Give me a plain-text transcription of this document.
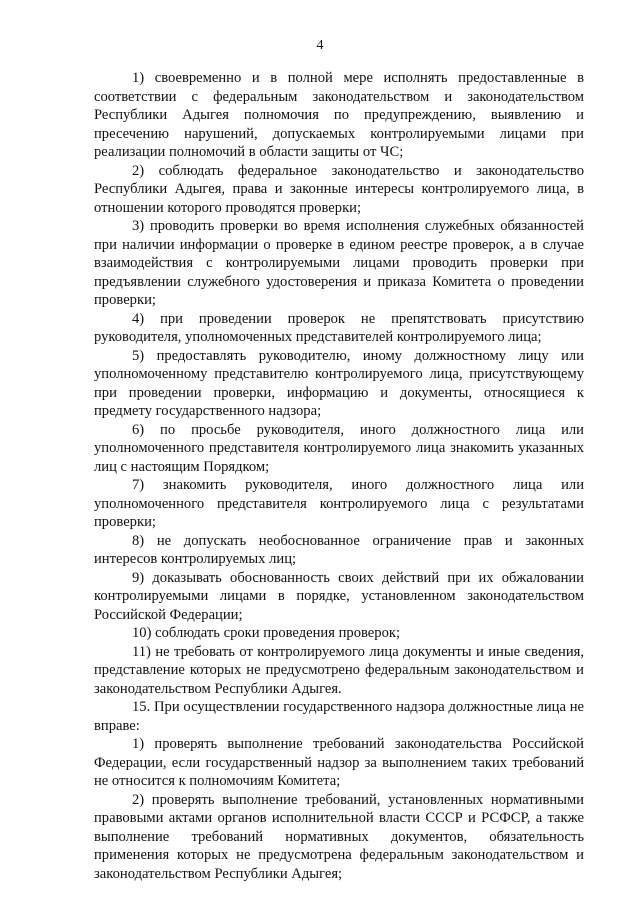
4

1) своевременно и в полной мере исполнять предоставленные в соответствии с федеральным законодательством и законодательством Республики Адыгея полномочия по предупреждению, выявлению и пресечению нарушений, допускаемых контролируемыми лицами при реализации полномочий в области защиты от ЧС;

2) соблюдать федеральное законодательство и законодательство Республики Адыгея, права и законные интересы контролируемого лица, в отношении которого проводятся проверки;

3) проводить проверки во время исполнения служебных обязанностей при наличии информации о проверке в едином реестре проверок, а в случае взаимодействия с контролируемыми лицами проводить проверки при предъявлении служебного удостоверения и приказа Комитета о проведении проверки;

4) при проведении проверок не препятствовать присутствию руководителя, уполномоченных представителей контролируемого лица;

5) предоставлять руководителю, иному должностному лицу или уполномоченному представителю контролируемого лица, присутствующему при проведении проверки, информацию и документы, относящиеся к предмету государственного надзора;

6) по просьбе руководителя, иного должностного лица или уполномоченного представителя контролируемого лица знакомить указанных лиц с настоящим Порядком;

7) знакомить руководителя, иного должностного лица или уполномоченного представителя контролируемого лица с результатами проверки;

8) не допускать необоснованное ограничение прав и законных интересов контролируемых лиц;

9) доказывать обоснованность своих действий при их обжаловании контролируемыми лицами в порядке, установленном законодательством Российской Федерации;

10) соблюдать сроки проведения проверок;

11) не требовать от контролируемого лица документы и иные сведения, представление которых не предусмотрено федеральным законодательством и законодательством Республики Адыгея.

15. При осуществлении государственного надзора должностные лица не вправе:

1) проверять выполнение требований законодательства Российской Федерации, если государственный надзор за выполнением таких требований не относится к полномочиям Комитета;

2) проверять выполнение требований, установленных нормативными правовыми актами органов исполнительной власти СССР и РСФСР, а также выполнение требований нормативных документов, обязательность применения которых не предусмотрена федеральным законодательством и законодательством Республики Адыгея;
